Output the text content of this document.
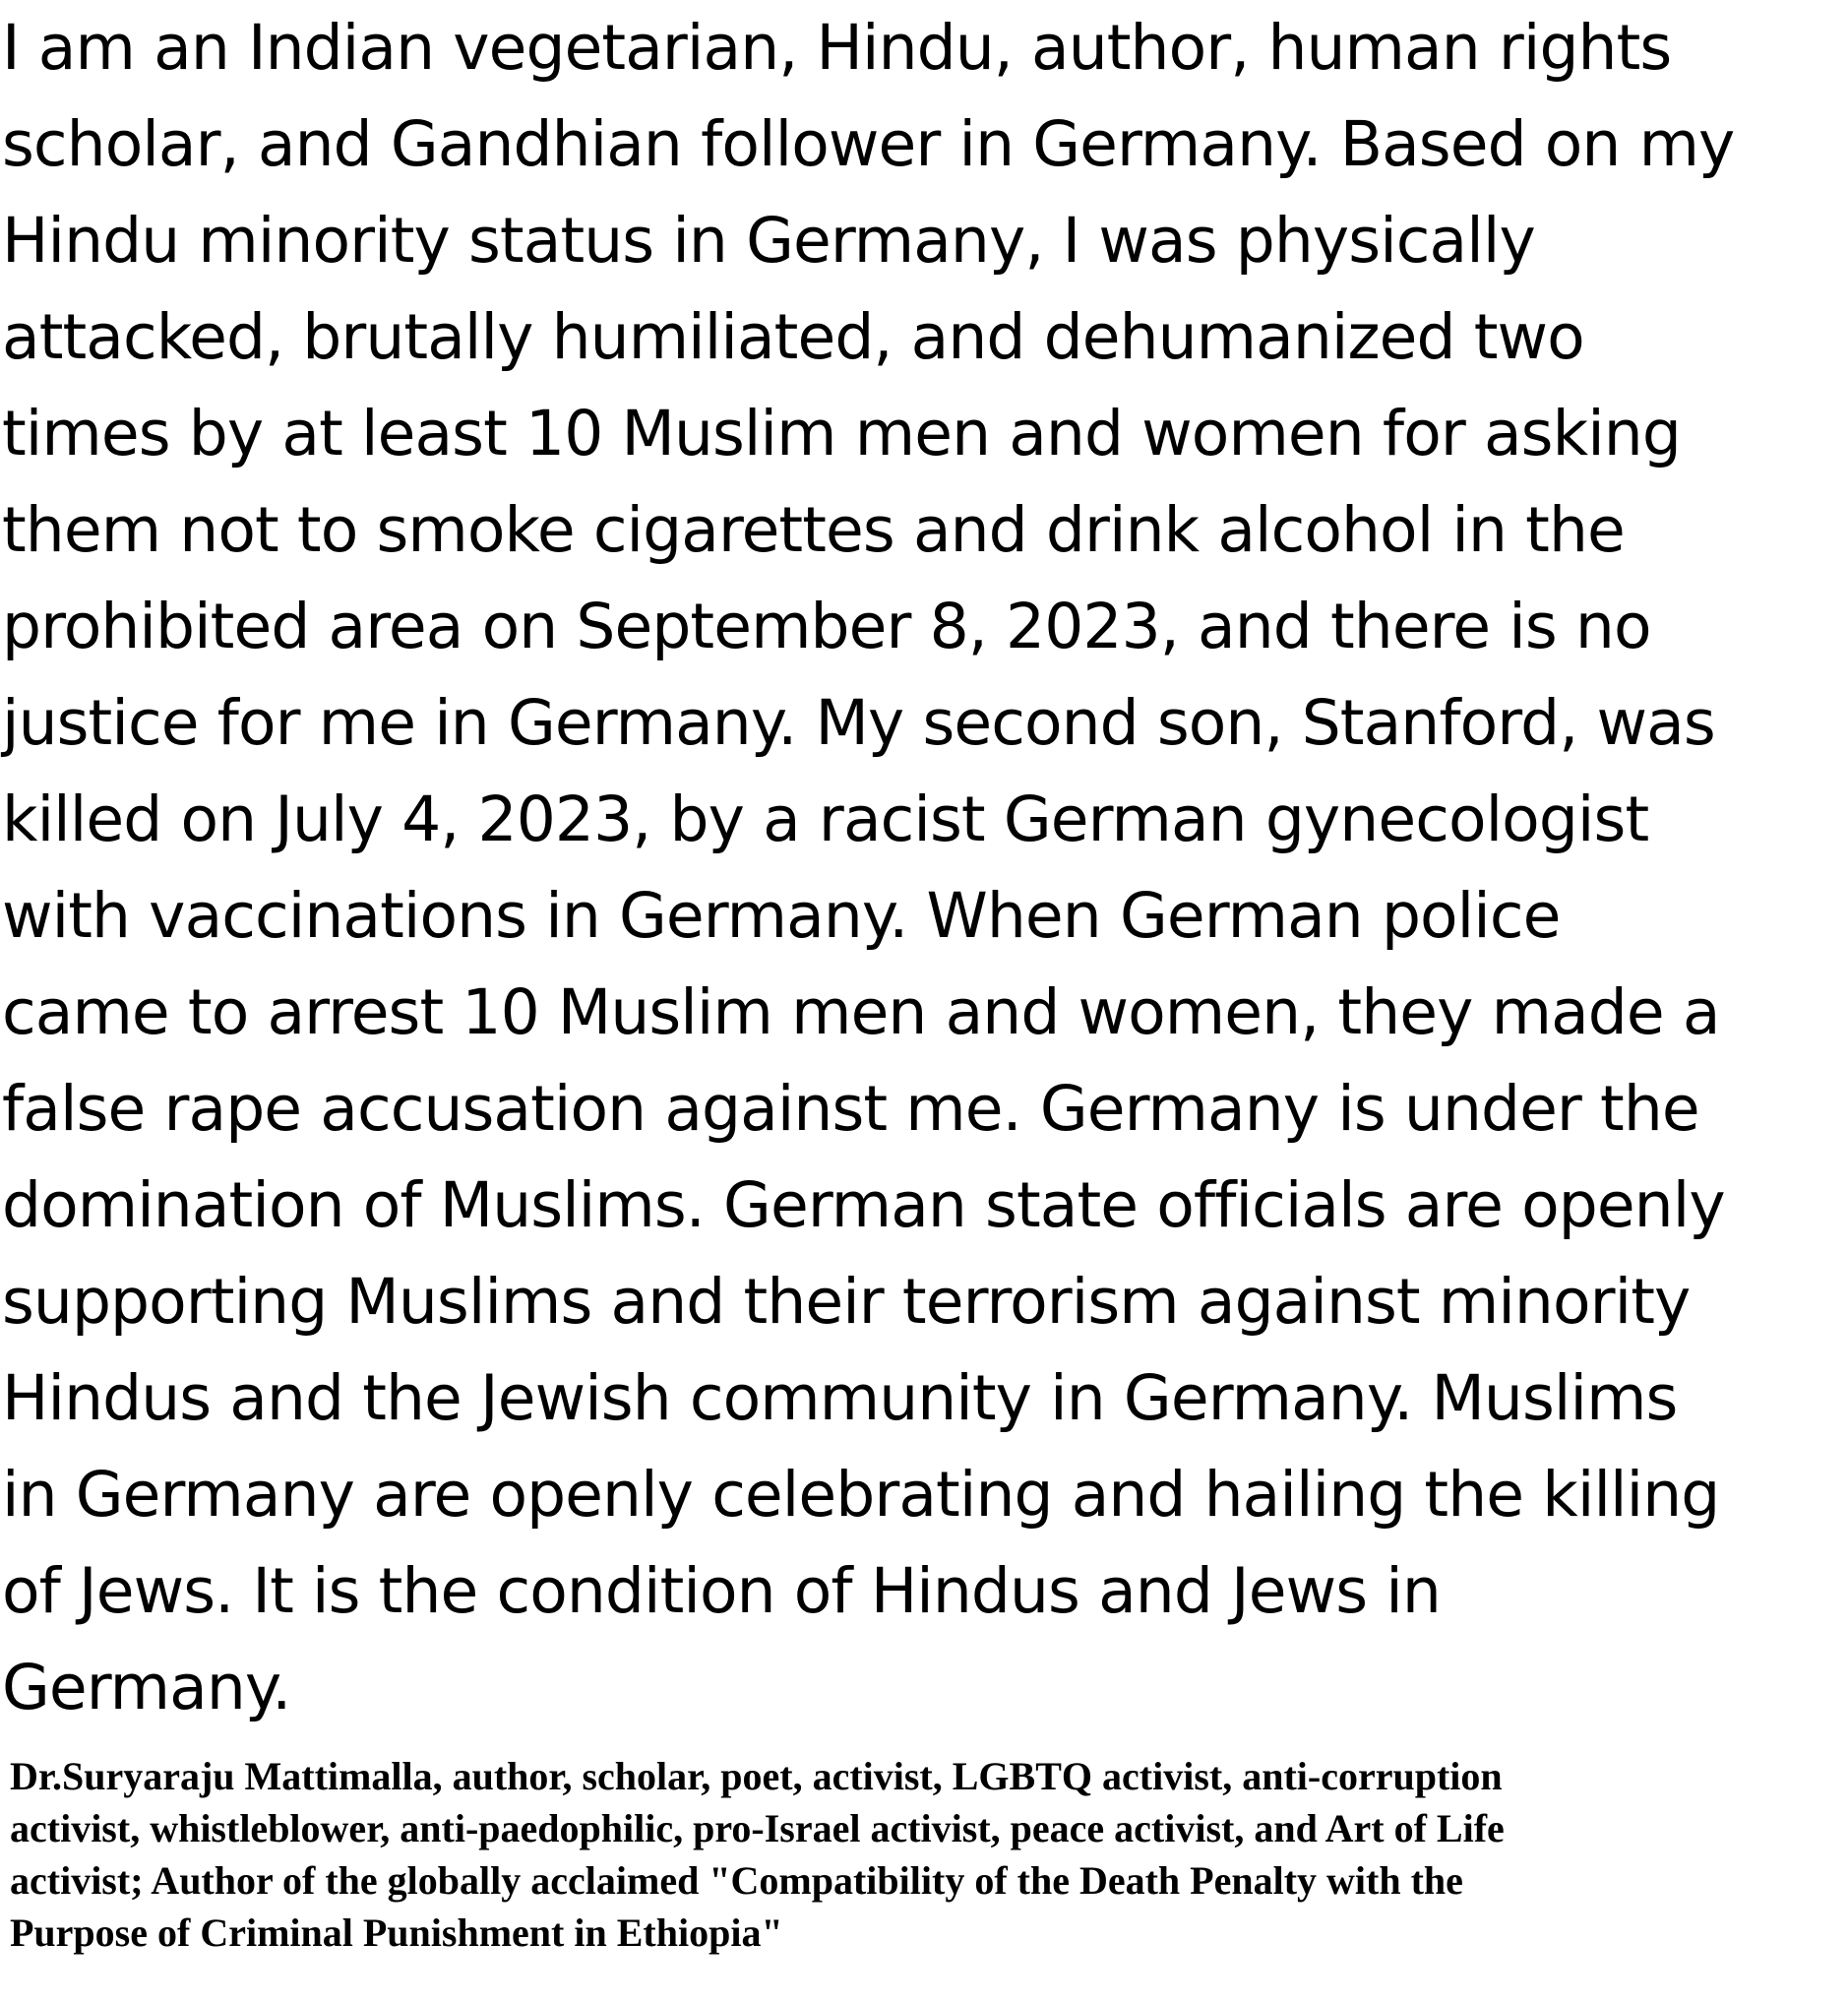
I am an Indian vegetarian, Hindu, author, human rights
scholar, and Gandhian follower in Germany. Based on my
Hindu minority status in Germany, I was physically
attacked, brutally humiliated, and dehumanized two
times by at least 10 Muslim men and women for asking
them not to smoke cigarettes and drink alcohol in the
prohibited area on September 8, 2023, and there is no
justice for me in Germany. My second son, Stanford, was
killed on July 4, 2023, by a racist German gynecologist
with vaccinations in Germany. When German police
came to arrest 10 Muslim men and women, they made a
false rape accusation against me. Germany is under the
domination of Muslims. German state officials are openly
supporting Muslims and their terrorism against minority
Hindus and the Jewish community in Germany. Muslims
in Germany are openly celebrating and hailing the killing
of Jews. It is the condition of Hindus and Jews in
Germany.
Dr.Suryaraju Mattimalla, author, scholar, poet, activist, LGBTQ activist, anti-corruption
activist, whistleblower, anti-paedophilic, pro-Israel activist, peace activist, and Art of Life
activist; Author of the globally acclaimed "Compatibility of the Death Penalty with the
Purpose of Criminal Punishment in Ethiopia"
